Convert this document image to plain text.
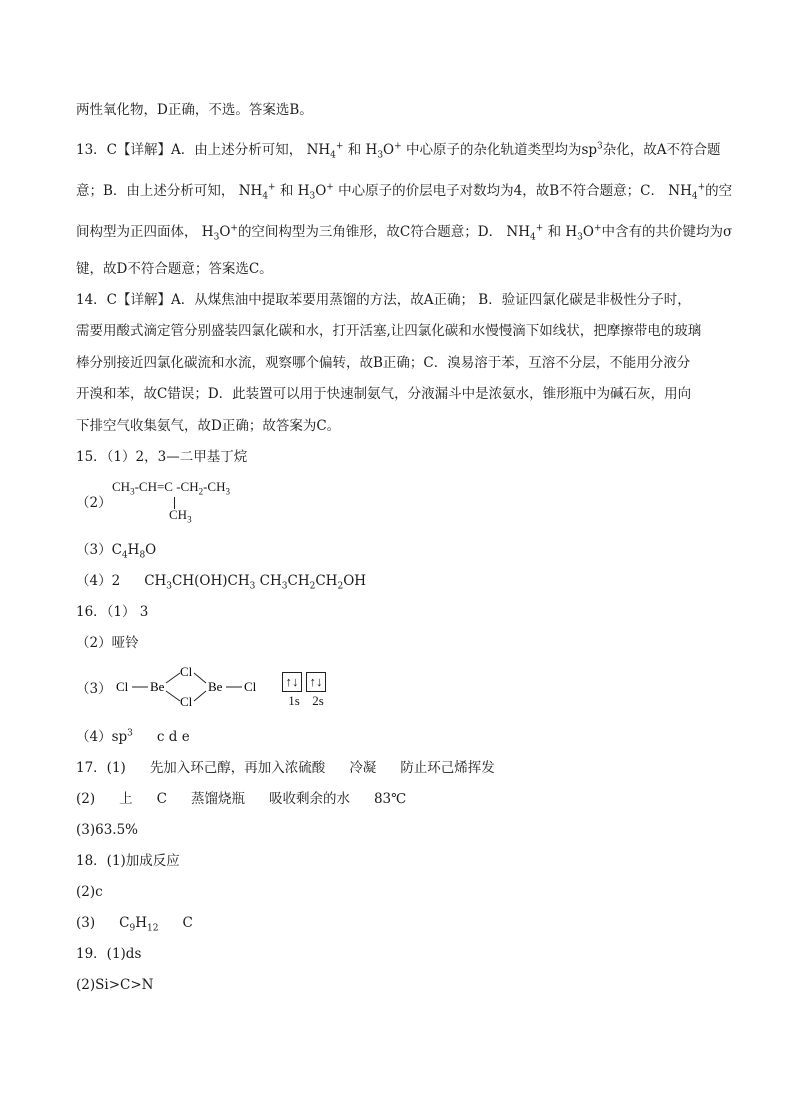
两性氧化物，D正确，不选。答案选B。
13．C【详解】A．由上述分析可知， $NH_4^+$ 和 $H_3O^+$ 中心原子的杂化轨道类型均为$sp^3$杂化，故A不符合题
意；B．由上述分析可知， $NH_4^+$ 和 $H_3O^+$ 中心原子的价层电子对数均为4，故B不符合题意；C． $NH_4^+$的空
间构型为正四面体， $H_3O^+$的空间构型为三角锥形，故C符合题意；D． $NH_4^+$ 和 $H_3O^+$中含有的共价键均为σ
键，故D不符合题意；答案选C。
14．C【详解】A．从煤焦油中提取苯要用蒸馏的方法，故A正确； B．验证四氯化碳是非极性分子时，
需要用酸式滴定管分别盛装四氯化碳和水，打开活塞,让四氯化碳和水慢慢滴下如线状，把摩擦带电的玻璃
棒分别接近四氯化碳流和水流，观察哪个偏转，故B正确；C．溴易溶于苯，互溶不分层，不能用分液分
开溴和苯，故C错误；D．此装置可以用于快速制氨气，分液漏斗中是浓氨水，锥形瓶中为碱石灰，用向
下排空气收集氨气，故D正确；故答案为C。
15．（1）2，3—二甲基丁烷
（2）
$CH_3-CH=C$ $-CH_2-CH_3$
$CH_3$
$(3)C_4H_8O$
（4）2 $CH_3CH(OH)CH_3$ $CH_3CH_2CH_2OH$
16．（1） 3
（2）哑铃
（3） Cl Be
Cl
Cl
Be Cl ↑↓ ↑↓
1s 2s
$(4)sp^3$ c d e
17．(1) 先加入环己醇，再加入浓硫酸 冷凝 防止环己烯挥发
(2) 上 C 蒸馏烧瓶 吸收剩余的水 83℃
(3)63.5%
18．(1)加成反应
(2)c
(3) $C_9H_{12}$ C
19．(1)ds
(2)Si>C>N
